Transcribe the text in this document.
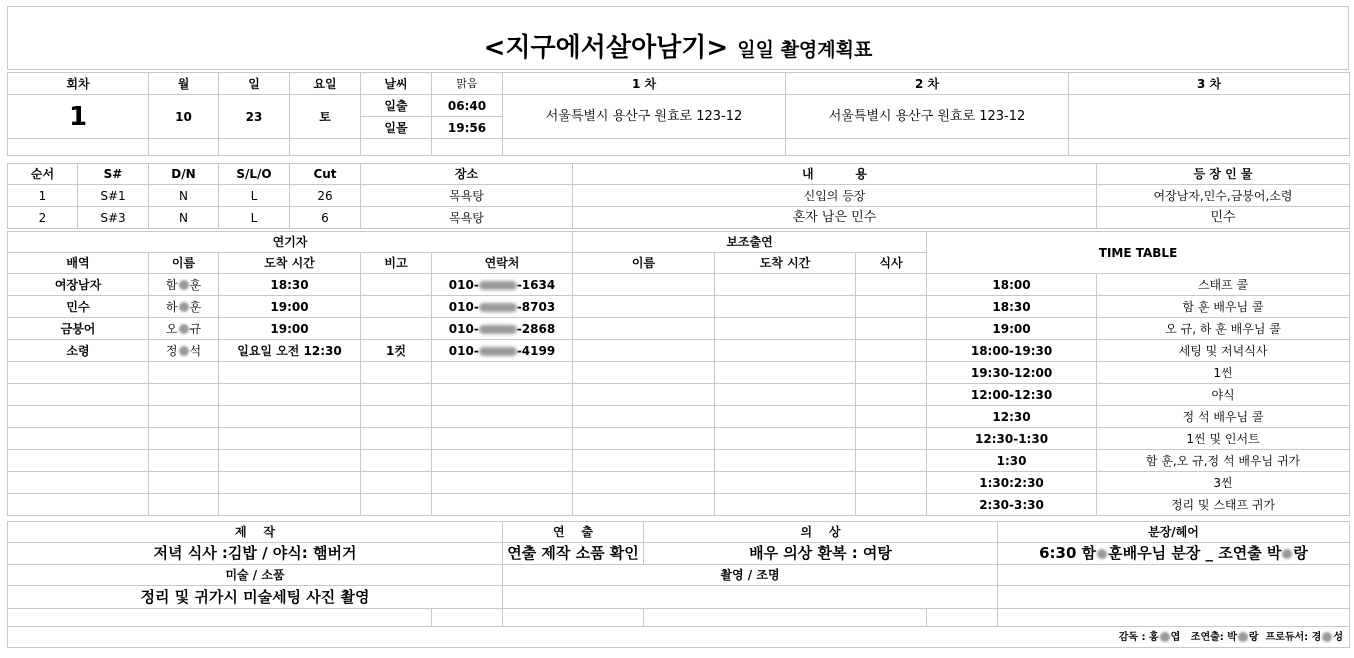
<지구에서살아남기> 일일 촬영계획표
회차	월	일	요일	날씨	맑음	1 차	2 차	3 차
1	10	23	토	일출	06:40	서울특별시 용산구 원효로 123-12	서울특별시 용산구 원효로 123-12	
				일몰	19:56			

순서	S#	D/N	S/L/O	Cut	장소	내          용	등 장 인 물
1	S#1	N	L	26	목욕탕	신입의 등장	여장남자,민수,금붕어,소령
2	S#3	N	L	6	목욕탕	혼자 남은 민수	민수
연기자					보조출연			TIME TABLE	
배역	이름	도착 시간	비고	연락처	이름	도착 시간	식사		
여장남자	함 훈	18:30		010- -1634				18:00	스태프 콜
민수	하 훈	19:00		010- -8703				18:30	함 훈 배우님 콜
금붕어	오 규	19:00		010- -2868				19:00	오 규, 하 훈 배우님 콜
소령	정 석	일요일 오전 12:30	1컷	010- -4199				18:00-19:30	세팅 및 저녁식사
								19:30-12:00	1씬
								12:00-12:30	야식
								12:30	정 석 배우님 콜
								12:30-1:30	1씬 및 인서트
								1:30	함 훈,오 규,정 석 배우님 귀가
								1:30:2:30	3씬
								2:30-3:30	정리 및 스태프 귀가
제    작		연    출	의    상		분장/헤어
저녁 식사 :김밥 / 야식: 햄버거		연출 제작 소품 확인	배우 의상 환복 : 여탕		6:30 함 훈배우님 분장 _ 조연출 박 랑
미술 / 소품		촬영 / 조명			
정리 및 귀가시 미술세팅 사진 촬영					

감독 : 홍 엽 조연출: 박 랑 프로듀서: 경 성					
